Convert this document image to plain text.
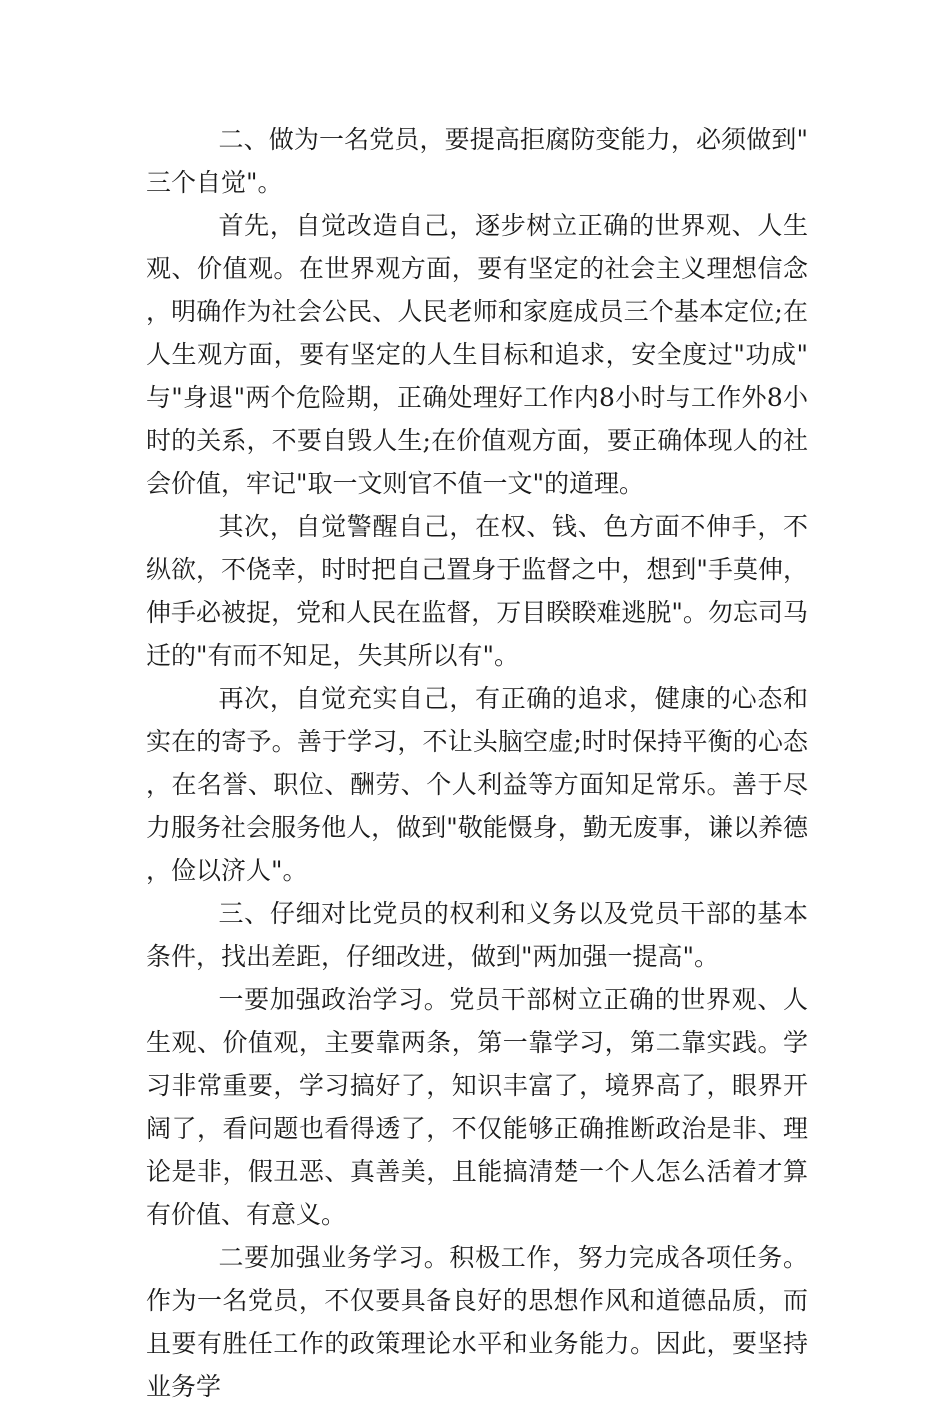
二、做为一名党员，要提高拒腐防变能力，必须做到"三个自觉"。

首先，自觉改造自己，逐步树立正确的世界观、人生观、价值观。在世界观方面，要有坚定的社会主义理想信念，明确作为社会公民、人民老师和家庭成员三个基本定位;在人生观方面，要有坚定的人生目标和追求，安全度过"功成"与"身退"两个危险期，正确处理好工作内8小时与工作外8小时的关系，不要自毁人生;在价值观方面，要正确体现人的社会价值，牢记"取一文则官不值一文"的道理。

其次，自觉警醒自己，在权、钱、色方面不伸手，不纵欲，不侥幸，时时把自己置身于监督之中，想到"手莫伸，伸手必被捉，党和人民在监督，万目睽睽难逃脱"。勿忘司马迁的"有而不知足，失其所以有"。

再次，自觉充实自己，有正确的追求，健康的心态和实在的寄予。善于学习，不让头脑空虚;时时保持平衡的心态，在名誉、职位、酬劳、个人利益等方面知足常乐。善于尽力服务社会服务他人，做到"敬能慑身，勤无废事，谦以养德，俭以济人"。

三、仔细对比党员的权利和义务以及党员干部的基本条件，找出差距，仔细改进，做到"两加强一提高"。

一要加强政治学习。党员干部树立正确的世界观、人生观、价值观，主要靠两条，第一靠学习，第二靠实践。学习非常重要，学习搞好了，知识丰富了，境界高了，眼界开阔了，看问题也看得透了，不仅能够正确推断政治是非、理论是非，假丑恶、真善美，且能搞清楚一个人怎么活着才算有价值、有意义。

二要加强业务学习。积极工作，努力完成各项任务。作为一名党员，不仅要具备良好的思想作风和道德品质，而且要有胜任工作的政策理论水平和业务能力。因此，要坚持业务学
